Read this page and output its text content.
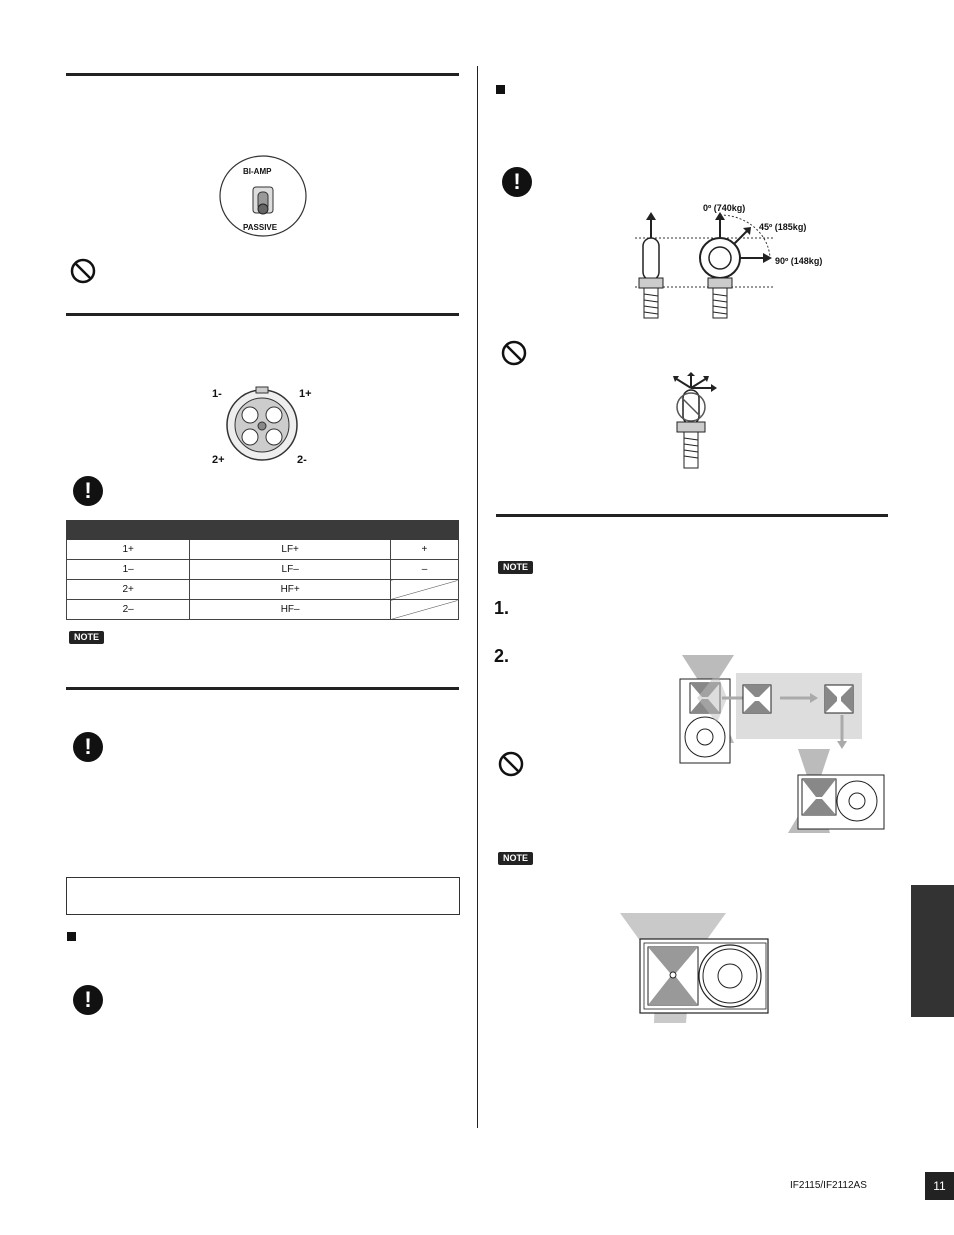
BI-AMP
PASSIVE
1-	1+
2+	2-
!

1+	LF+	+
1–	LF–	–
2+	HF+	
2–	HF–	
NOTE
!
!
!
0º (740kg)
45º (185kg)
90º (148kg)
NOTE
1.
2.
NOTE
IF2115/IF2112AS	11
